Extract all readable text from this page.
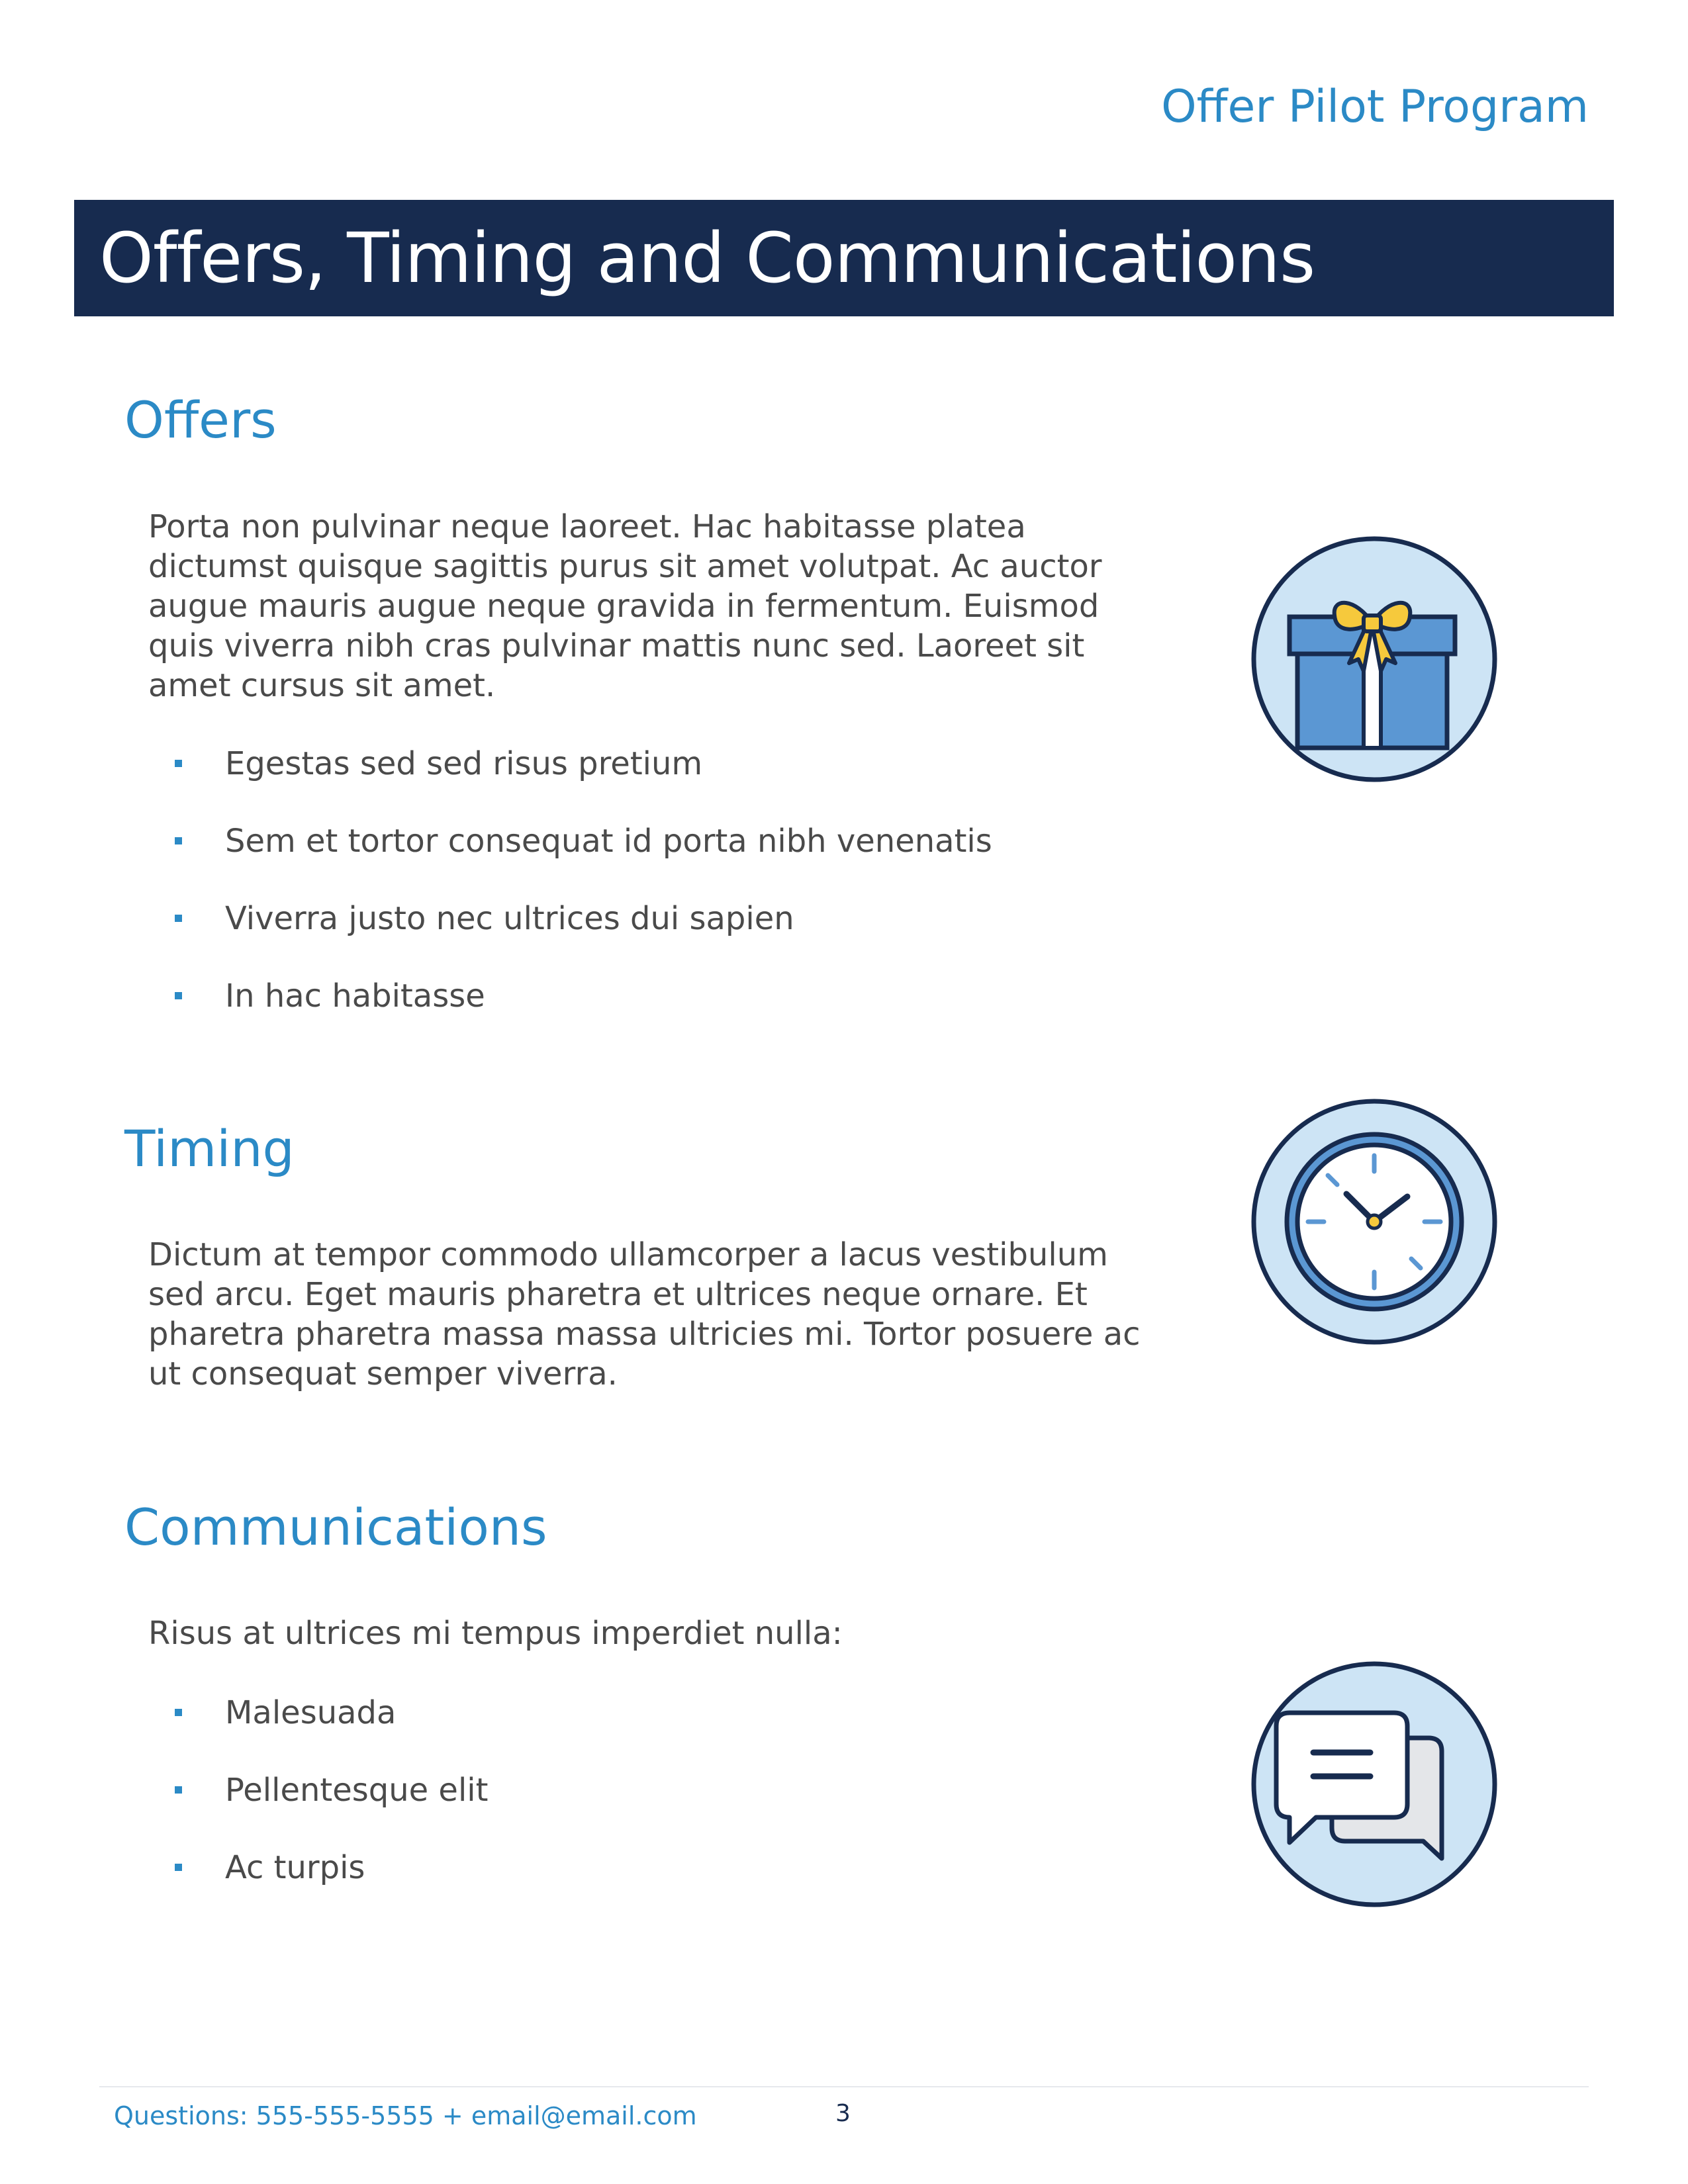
Offer Pilot Program
Offers, Timing and Communications
Offers

Porta non pulvinar neque laoreet. Hac habitasse platea dictumst quisque sagittis purus sit amet volutpat. Ac auctor augue mauris augue neque gravida in fermentum. Euismod quis viverra nibh cras pulvinar mattis nunc sed. Laoreet sit amet cursus sit amet.

Egestas sed sed risus pretium
Sem et tortor consequat id porta nibh venenatis
Viverra justo nec ultrices dui sapien
In hac habitasse
Timing

Dictum at tempor commodo ullamcorper a lacus vestibulum sed arcu. Eget mauris pharetra et ultrices neque ornare. Et pharetra pharetra massa massa ultricies mi. Tortor posuere ac ut consequat semper viverra.

Communications

Risus at ultrices mi tempus imperdiet nulla:

Malesuada
Pellentesque elit
Ac turpis
Questions: 555-555-5555 + email@email.com	3
